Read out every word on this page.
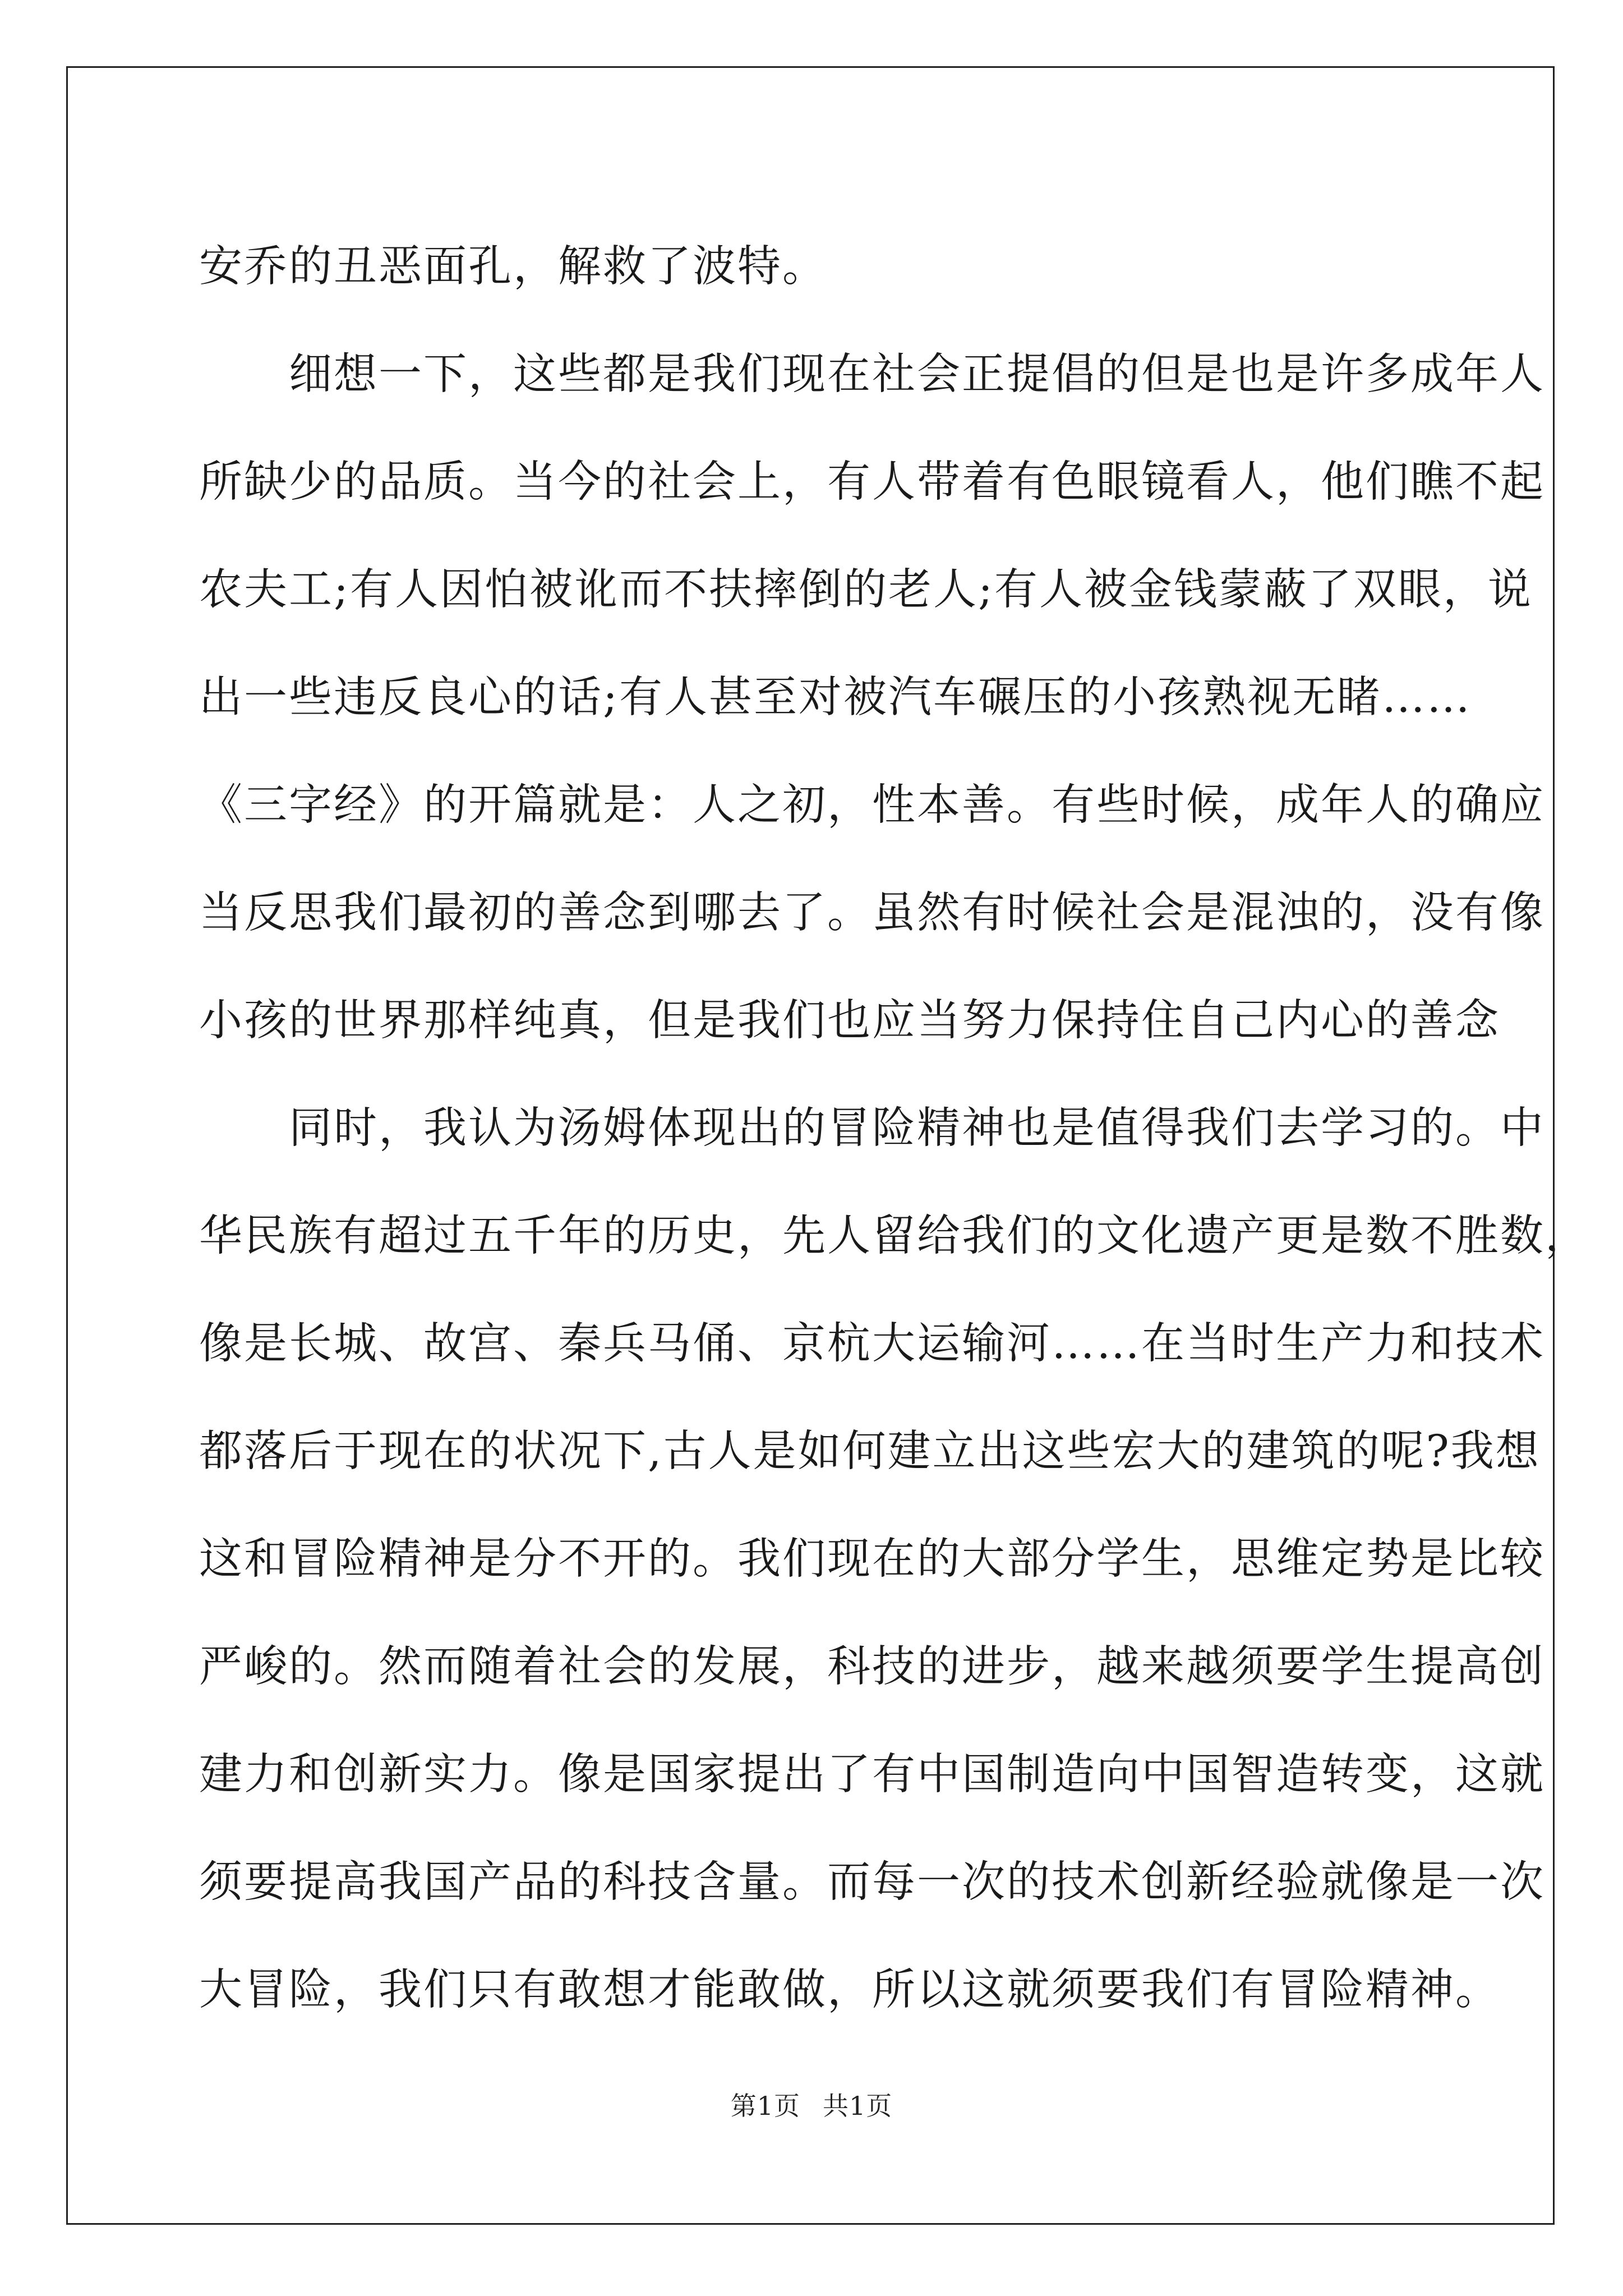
安乔的丑恶面孔，解救了波特。
　　细想一下，这些都是我们现在社会正提倡的但是也是许多成年人
所缺少的品质。当今的社会上，有人带着有色眼镜看人，他们瞧不起
农夫工;有人因怕被讹而不扶摔倒的老人;有人被金钱蒙蔽了双眼，说
出一些违反良心的话;有人甚至对被汽车碾压的小孩熟视无睹……
《三字经》的开篇就是：人之初，性本善。有些时候，成年人的确应
当反思我们最初的善念到哪去了。虽然有时候社会是混浊的，没有像
小孩的世界那样纯真，但是我们也应当努力保持住自己内心的善念
　　同时，我认为汤姆体现出的冒险精神也是值得我们去学习的。中
华民族有超过五千年的历史，先人留给我们的文化遗产更是数不胜数，
像是长城、故宫、秦兵马俑、京杭大运输河……在当时生产力和技术
都落后于现在的状况下,古人是如何建立出这些宏大的建筑的呢?我想
这和冒险精神是分不开的。我们现在的大部分学生，思维定势是比较
严峻的。然而随着社会的发展，科技的进步，越来越须要学生提高创
建力和创新实力。像是国家提出了有中国制造向中国智造转变，这就
须要提高我国产品的科技含量。而每一次的技术创新经验就像是一次
大冒险，我们只有敢想才能敢做，所以这就须要我们有冒险精神。
第1页 共1页
